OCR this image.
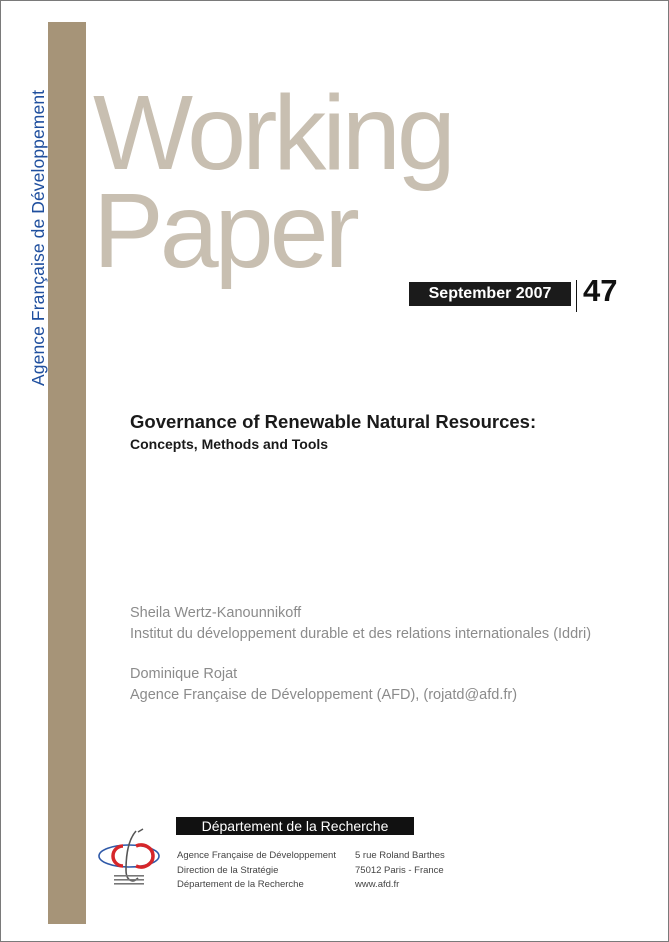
Agence Française de Développement Working
Paper
September 2007	47
Governance of Renewable Natural Resources:
Concepts, Methods and Tools
Sheila Wertz-Kanounnikoff
Institut du développement durable et des relations internationales (Iddri)
Dominique Rojat
Agence Française de Développement (AFD), (rojatd@afd.fr)
Département de la Recherche
Agence Française de Développement
Direction de la Stratégie
Département de la Recherche
5 rue Roland Barthes
75012 Paris - France
www.afd.fr
